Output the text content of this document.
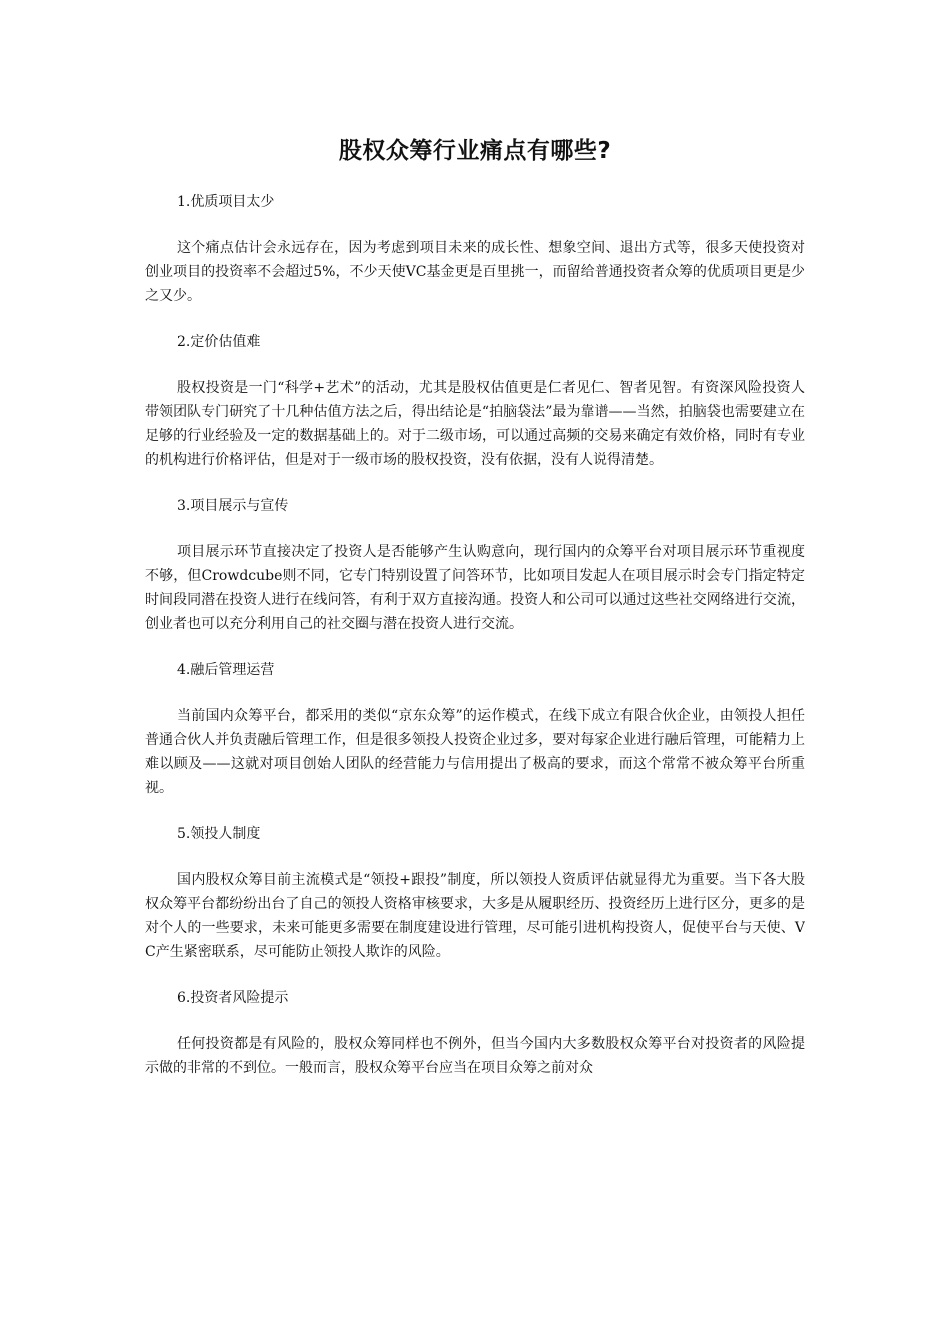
股权众筹行业痛点有哪些?

1.优质项目太少

这个痛点估计会永远存在，因为考虑到项目未来的成长性、想象空间、退出方式等，很多天使投资对创业项目的投资率不会超过5%，不少天使VC基金更是百里挑一，而留给普通投资者众筹的优质项目更是少之又少。

2.定价估值难

股权投资是一门“科学+艺术”的活动，尤其是股权估值更是仁者见仁、智者见智。有资深风险投资人带领团队专门研究了十几种估值方法之后，得出结论是“拍脑袋法”最为靠谱——当然，拍脑袋也需要建立在足够的行业经验及一定的数据基础上的。对于二级市场，可以通过高频的交易来确定有效价格，同时有专业的机构进行价格评估，但是对于一级市场的股权投资，没有依据，没有人说得清楚。

3.项目展示与宣传

项目展示环节直接决定了投资人是否能够产生认购意向，现行国内的众筹平台对项目展示环节重视度不够，但Crowdcube则不同，它专门特别设置了问答环节，比如项目发起人在项目展示时会专门指定特定时间段同潜在投资人进行在线问答，有利于双方直接沟通。投资人和公司可以通过这些社交网络进行交流，创业者也可以充分利用自己的社交圈与潜在投资人进行交流。

4.融后管理运营

当前国内众筹平台，都采用的类似“京东众筹”的运作模式，在线下成立有限合伙企业，由领投人担任普通合伙人并负责融后管理工作，但是很多领投人投资企业过多，要对每家企业进行融后管理，可能精力上难以顾及——这就对项目创始人团队的经营能力与信用提出了极高的要求，而这个常常不被众筹平台所重视。

5.领投人制度

国内股权众筹目前主流模式是“领投+跟投”制度，所以领投人资质评估就显得尤为重要。当下各大股权众筹平台都纷纷出台了自己的领投人资格审核要求，大多是从履职经历、投资经历上进行区分，更多的是对个人的一些要求，未来可能更多需要在制度建设进行管理，尽可能引进机构投资人，促使平台与天使、VC产生紧密联系，尽可能防止领投人欺诈的风险。

6.投资者风险提示

任何投资都是有风险的，股权众筹同样也不例外，但当今国内大多数股权众筹平台对投资者的风险提示做的非常的不到位。一般而言，股权众筹平台应当在项目众筹之前对众
